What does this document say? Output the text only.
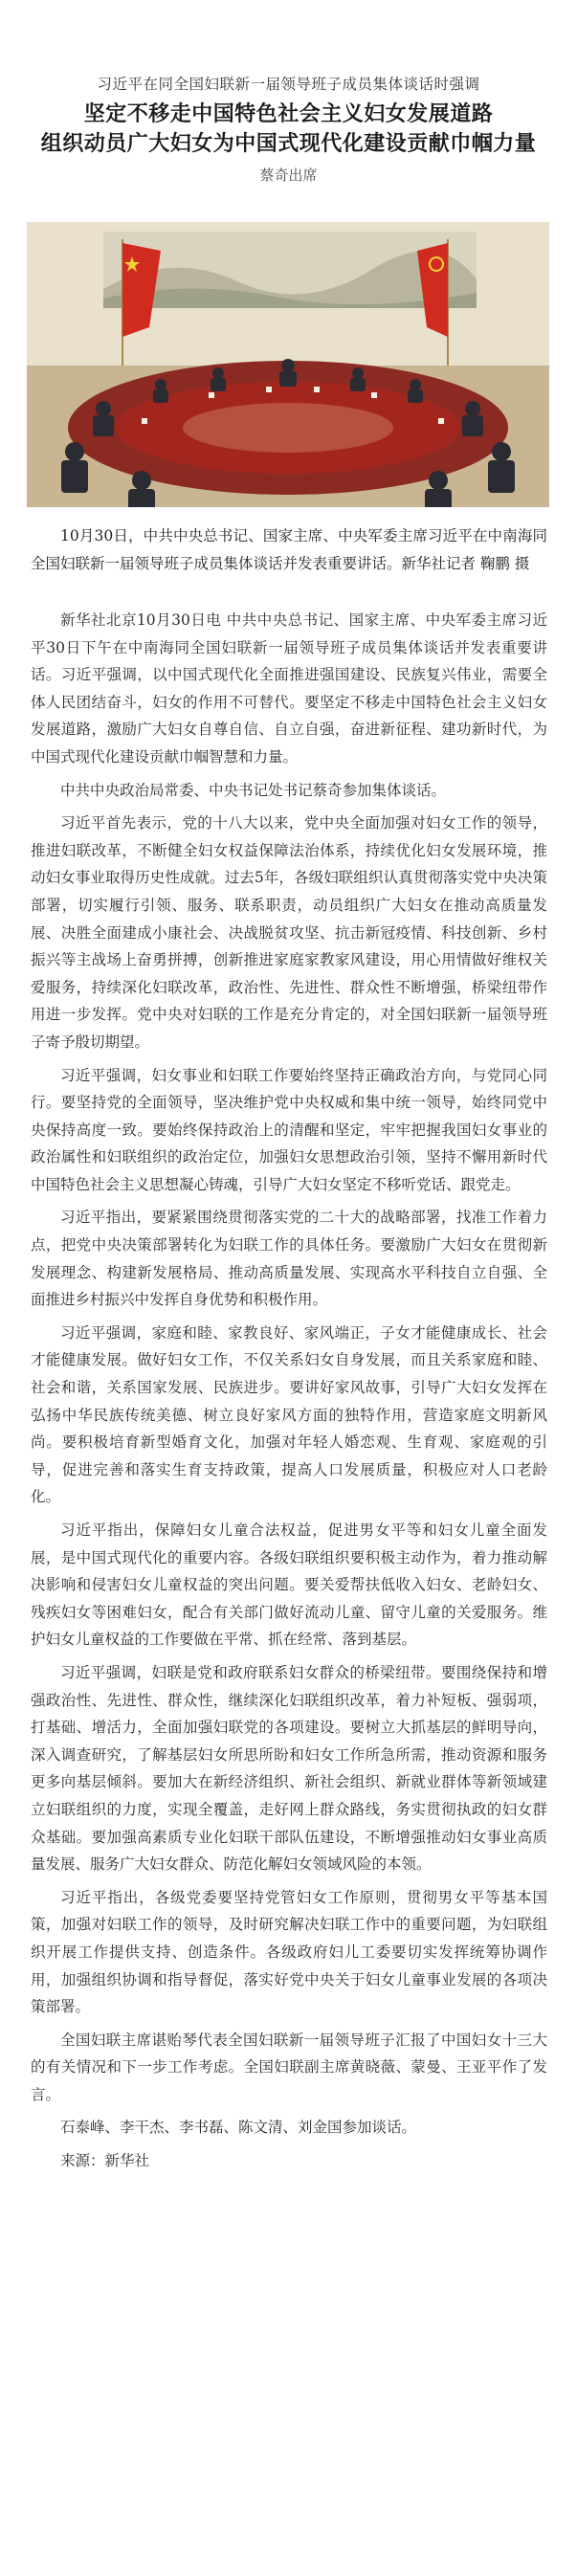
习近平在同全国妇联新一届领导班子成员集体谈话时强调
坚定不移走中国特色社会主义妇女发展道路
组织动员广大妇女为中国式现代化建设贡献巾帼力量
蔡奇出席
10月30日，中共中央总书记、国家主席、中央军委主席习近平在中南海同全国妇联新一届领导班子成员集体谈话并发表重要讲话。新华社记者 鞠鹏 摄

新华社北京10月30日电 中共中央总书记、国家主席、中央军委主席习近平30日下午在中南海同全国妇联新一届领导班子成员集体谈话并发表重要讲话。习近平强调，以中国式现代化全面推进强国建设、民族复兴伟业，需要全体人民团结奋斗，妇女的作用不可替代。要坚定不移走中国特色社会主义妇女发展道路，激励广大妇女自尊自信、自立自强，奋进新征程、建功新时代，为中国式现代化建设贡献巾帼智慧和力量。

中共中央政治局常委、中央书记处书记蔡奇参加集体谈话。

习近平首先表示，党的十八大以来，党中央全面加强对妇女工作的领导，推进妇联改革，不断健全妇女权益保障法治体系，持续优化妇女发展环境，推动妇女事业取得历史性成就。过去5年，各级妇联组织认真贯彻落实党中央决策部署，切实履行引领、服务、联系职责，动员组织广大妇女在推动高质量发展、决胜全面建成小康社会、决战脱贫攻坚、抗击新冠疫情、科技创新、乡村振兴等主战场上奋勇拼搏，创新推进家庭家教家风建设，用心用情做好维权关爱服务，持续深化妇联改革，政治性、先进性、群众性不断增强，桥梁纽带作用进一步发挥。党中央对妇联的工作是充分肯定的，对全国妇联新一届领导班子寄予殷切期望。

习近平强调，妇女事业和妇联工作要始终坚持正确政治方向，与党同心同行。要坚持党的全面领导，坚决维护党中央权威和集中统一领导，始终同党中央保持高度一致。要始终保持政治上的清醒和坚定，牢牢把握我国妇女事业的政治属性和妇联组织的政治定位，加强妇女思想政治引领，坚持不懈用新时代中国特色社会主义思想凝心铸魂，引导广大妇女坚定不移听党话、跟党走。

习近平指出，要紧紧围绕贯彻落实党的二十大的战略部署，找准工作着力点，把党中央决策部署转化为妇联工作的具体任务。要激励广大妇女在贯彻新发展理念、构建新发展格局、推动高质量发展、实现高水平科技自立自强、全面推进乡村振兴中发挥自身优势和积极作用。

习近平强调，家庭和睦、家教良好、家风端正，子女才能健康成长、社会才能健康发展。做好妇女工作，不仅关系妇女自身发展，而且关系家庭和睦、社会和谐，关系国家发展、民族进步。要讲好家风故事，引导广大妇女发挥在弘扬中华民族传统美德、树立良好家风方面的独特作用，营造家庭文明新风尚。要积极培育新型婚育文化，加强对年轻人婚恋观、生育观、家庭观的引导，促进完善和落实生育支持政策，提高人口发展质量，积极应对人口老龄化。

习近平指出，保障妇女儿童合法权益，促进男女平等和妇女儿童全面发展，是中国式现代化的重要内容。各级妇联组织要积极主动作为，着力推动解决影响和侵害妇女儿童权益的突出问题。要关爱帮扶低收入妇女、老龄妇女、残疾妇女等困难妇女，配合有关部门做好流动儿童、留守儿童的关爱服务。维护妇女儿童权益的工作要做在平常、抓在经常、落到基层。

习近平强调，妇联是党和政府联系妇女群众的桥梁纽带。要围绕保持和增强政治性、先进性、群众性，继续深化妇联组织改革，着力补短板、强弱项，打基础、增活力，全面加强妇联党的各项建设。要树立大抓基层的鲜明导向，深入调查研究，了解基层妇女所思所盼和妇女工作所急所需，推动资源和服务更多向基层倾斜。要加大在新经济组织、新社会组织、新就业群体等新领域建立妇联组织的力度，实现全覆盖，走好网上群众路线，务实贯彻执政的妇女群众基础。要加强高素质专业化妇联干部队伍建设，不断增强推动妇女事业高质量发展、服务广大妇女群众、防范化解妇女领域风险的本领。

习近平指出，各级党委要坚持党管妇女工作原则，贯彻男女平等基本国策，加强对妇联工作的领导，及时研究解决妇联工作中的重要问题，为妇联组织开展工作提供支持、创造条件。各级政府妇儿工委要切实发挥统筹协调作用，加强组织协调和指导督促，落实好党中央关于妇女儿童事业发展的各项决策部署。

全国妇联主席谌贻琴代表全国妇联新一届领导班子汇报了中国妇女十三大的有关情况和下一步工作考虑。全国妇联副主席黄晓薇、蒙曼、王亚平作了发言。

石泰峰、李干杰、李书磊、陈文清、刘金国参加谈话。

来源：新华社
